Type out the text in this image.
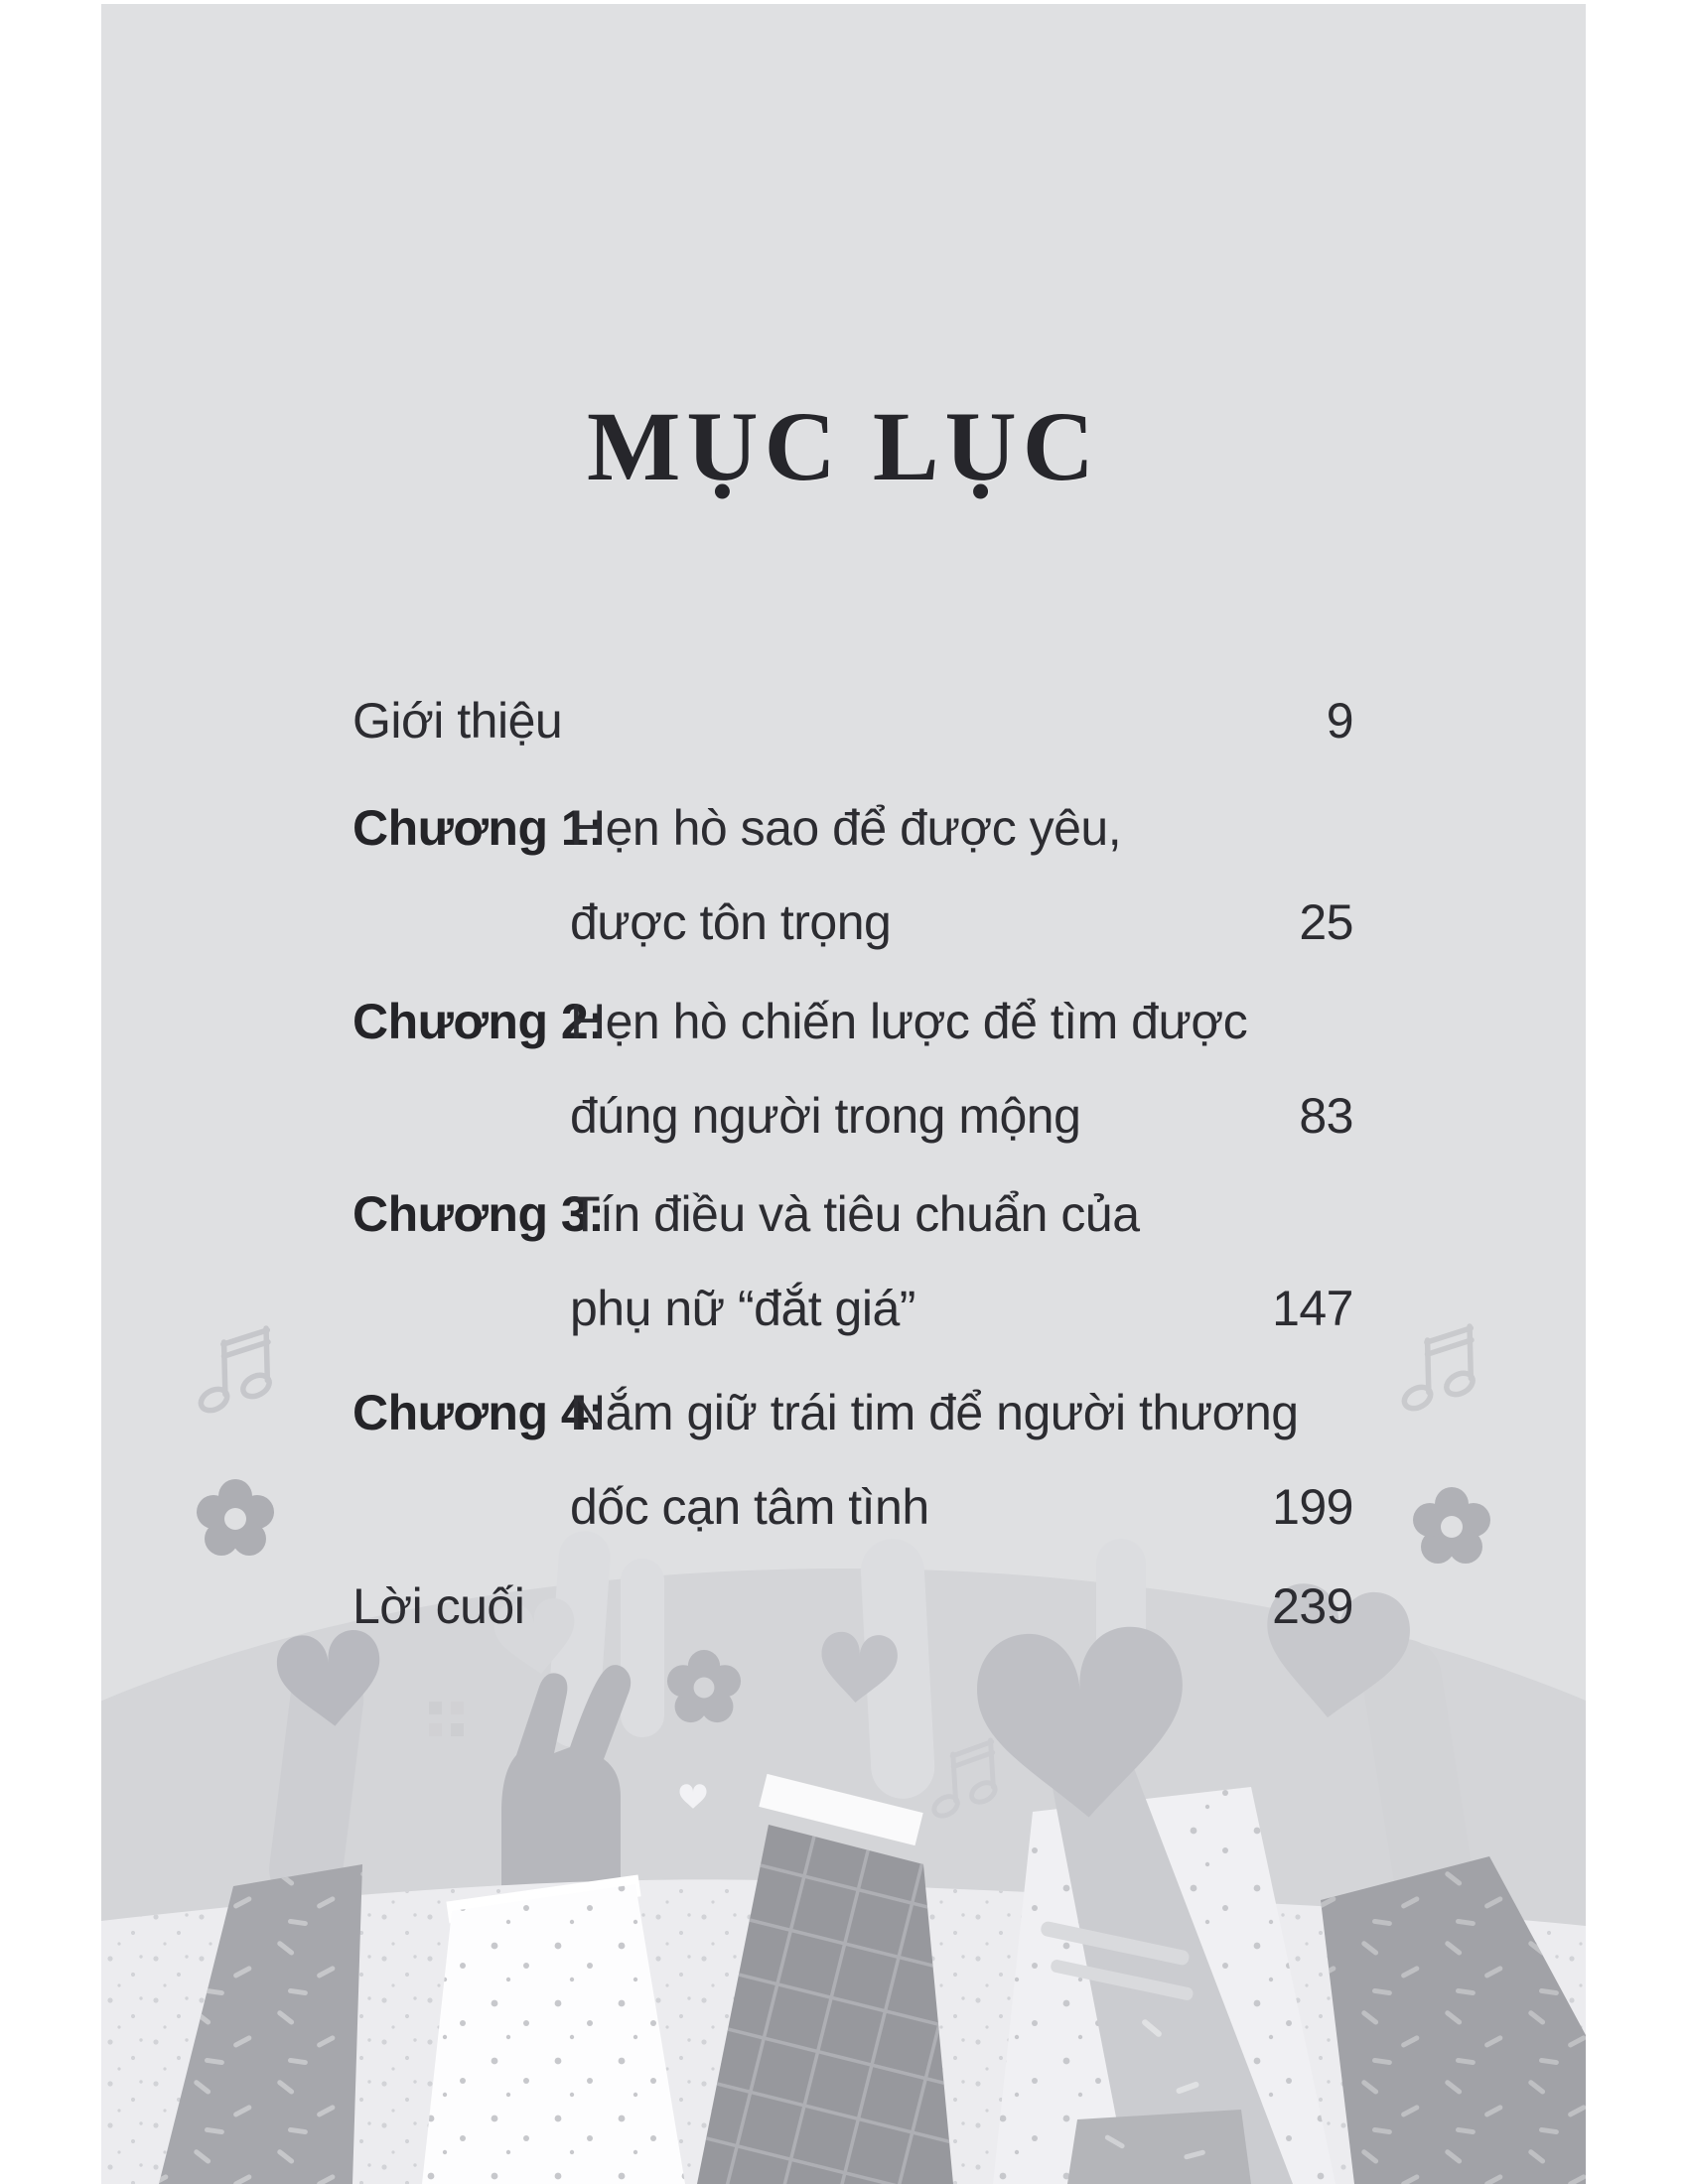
MỤC LỤC
Giới thiệu	9
Chương 1:Hẹn hò sao để được yêu,
được tôn trọng	25
Chương 2:Hẹn hò chiến lược để tìm được
đúng người trong mộng	83
Chương 3:Tín điều và tiêu chuẩn của
phụ nữ “đắt giá”	147
Chương 4:Nắm giữ trái tim để người thương
dốc cạn tâm tình	199
Lời cuối	239
